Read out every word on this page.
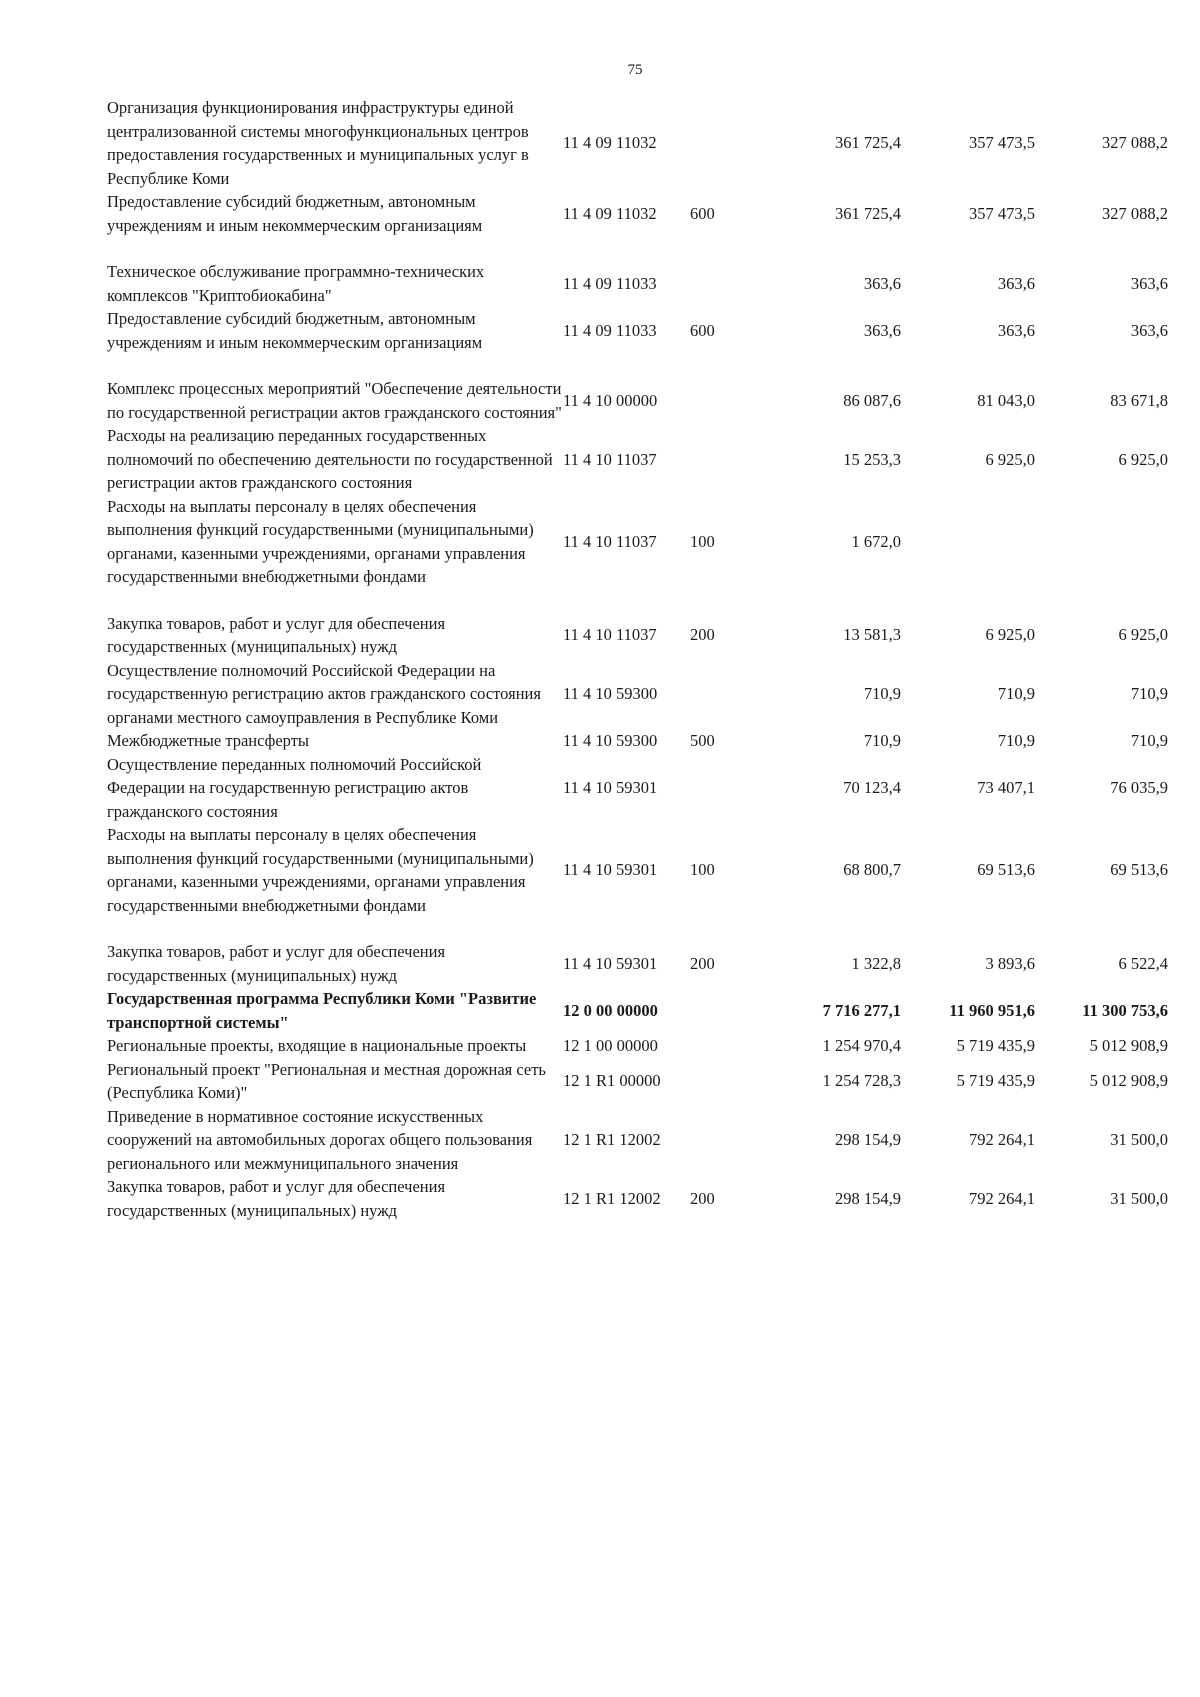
75
Организация функционирования инфраструктуры единой централизованной системы многофункциональных центров предоставления государственных и муниципальных услуг в Республике Коми	11 4 09 11032		361 725,4	357 473,5	327 088,2
Предоставление субсидий бюджетным, автономным учреждениям и иным некоммерческим организациям	11 4 09 11032	600	361 725,4	357 473,5	327 088,2
Техническое обслуживание программно-технических комплексов "Криптобиокабина"	11 4 09 11033		363,6	363,6	363,6
Предоставление субсидий бюджетным, автономным учреждениям и иным некоммерческим организациям	11 4 09 11033	600	363,6	363,6	363,6
Комплекс процессных мероприятий "Обеспечение деятельности по государственной регистрации актов гражданского состояния"	11 4 10 00000		86 087,6	81 043,0	83 671,8
Расходы на реализацию переданных государственных полномочий по обеспечению деятельности по государственной регистрации актов гражданского состояния	11 4 10 11037		15 253,3	6 925,0	6 925,0
Расходы на выплаты персоналу в целях обеспечения выполнения функций государственными (муниципальными) органами, казенными учреждениями, органами управления государственными внебюджетными фондами	11 4 10 11037	100	1 672,0		
Закупка товаров, работ и услуг для обеспечения государственных (муниципальных) нужд	11 4 10 11037	200	13 581,3	6 925,0	6 925,0
Осуществление полномочий Российской Федерации на государственную регистрацию актов гражданского состояния органами местного самоуправления в Республике Коми	11 4 10 59300		710,9	710,9	710,9
Межбюджетные трансферты	11 4 10 59300	500	710,9	710,9	710,9
Осуществление переданных полномочий Российской Федерации на государственную регистрацию актов гражданского состояния	11 4 10 59301		70 123,4	73 407,1	76 035,9
Расходы на выплаты персоналу в целях обеспечения выполнения функций государственными (муниципальными) органами, казенными учреждениями, органами управления государственными внебюджетными фондами	11 4 10 59301	100	68 800,7	69 513,6	69 513,6
Закупка товаров, работ и услуг для обеспечения государственных (муниципальных) нужд	11 4 10 59301	200	1 322,8	3 893,6	6 522,4
Государственная программа Республики Коми "Развитие транспортной системы"	12 0 00 00000		7 716 277,1	11 960 951,6	11 300 753,6
Региональные проекты, входящие в национальные проекты	12 1 00 00000		1 254 970,4	5 719 435,9	5 012 908,9
Региональный проект "Региональная и местная дорожная сеть (Республика Коми)"	12 1 R1 00000		1 254 728,3	5 719 435,9	5 012 908,9
Приведение в нормативное состояние искусственных сооружений на автомобильных дорогах общего пользования регионального или межмуниципального значения	12 1 R1 12002		298 154,9	792 264,1	31 500,0
Закупка товаров, работ и услуг для обеспечения государственных (муниципальных) нужд	12 1 R1 12002	200	298 154,9	792 264,1	31 500,0
